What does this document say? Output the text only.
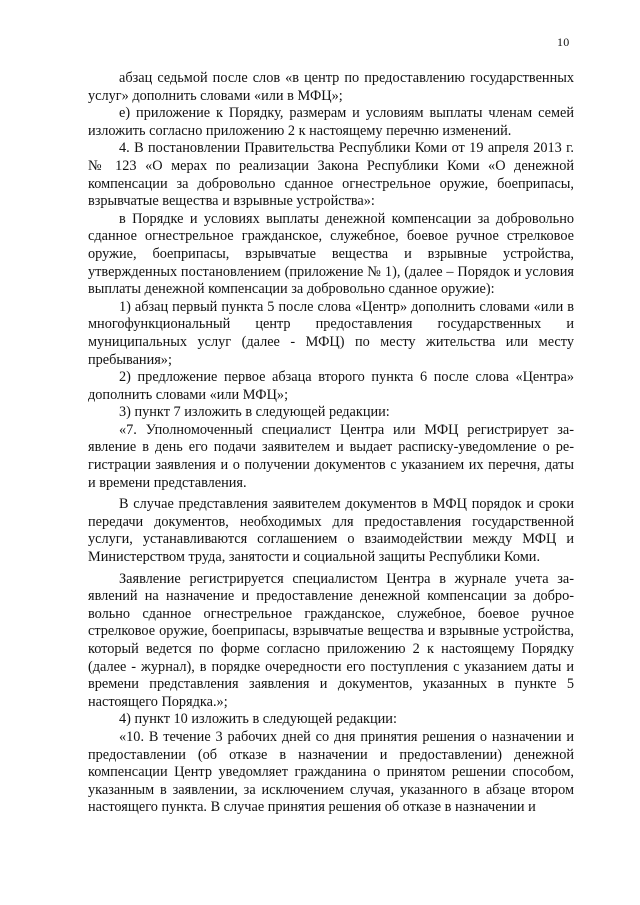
10

абзац седьмой после слов «в центр по предоставлению государственных услуг» дополнить словами «или в МФЦ»;

е) приложение к Порядку, размерам и условиям выплаты членам семей изложить согласно приложению 2 к настоящему перечню изменений.

4. В постановлении Правительства Республики Коми от 19 апреля 2013 г. № 123 «О мерах по реализации Закона Республики Коми «О денежной компенсации за добровольно сданное огнестрельное оружие, боеприпасы, взрывчатые вещества и взрывные устройства»:

в Порядке и условиях выплаты денежной компенсации за добровольно сданное огнестрельное гражданское, служебное, боевое ручное стрелковое оружие, боеприпасы, взрывчатые вещества и взрывные устройства, утвержденных постановлением (приложение № 1), (далее – Порядок и условия выплаты денежной компенсации за добровольно сданное оружие):

1) абзац первый пункта 5 после слова «Центр» дополнить словами «или в многофункциональный центр предоставления государственных и муниципальных услуг (далее - МФЦ) по месту жительства или месту пребывания»;

2) предложение первое абзаца второго пункта 6 после слова «Центра» дополнить словами «или МФЦ»;

3) пункт 7 изложить в следующей редакции:

«7. Уполномоченный специалист Центра или МФЦ регистрирует заявление в день его подачи заявителем и выдает расписку-уведомление о регистрации заявления и о получении документов с указанием их перечня, даты и времени представления.

В случае представления заявителем документов в МФЦ порядок и сроки передачи документов, необходимых для предоставления государственной услуги, устанавливаются соглашением о взаимодействии между МФЦ и Министерством труда, занятости и социальной защиты Республики Коми.

Заявление регистрируется специалистом Центра в журнале учета заявлений на назначение и предоставление денежной компенсации за добровольно сданное огнестрельное гражданское, служебное, боевое ручное стрелковое оружие, боеприпасы, взрывчатые вещества и взрывные устройства, который ведется по форме согласно приложению 2 к настоящему Порядку (далее - журнал), в порядке очередности его поступления с указанием даты и времени представления заявления и документов, указанных в пункте 5 настоящего Порядка.»;

4) пункт 10 изложить в следующей редакции:

«10. В течение 3 рабочих дней со дня принятия решения о назначении и предоставлении (об отказе в назначении и предоставлении) денежной компенсации Центр уведомляет гражданина о принятом решении способом, указанным в заявлении, за исключением случая, указанного в абзаце втором настоящего пункта. В случае принятия решения об отказе в назначении и
